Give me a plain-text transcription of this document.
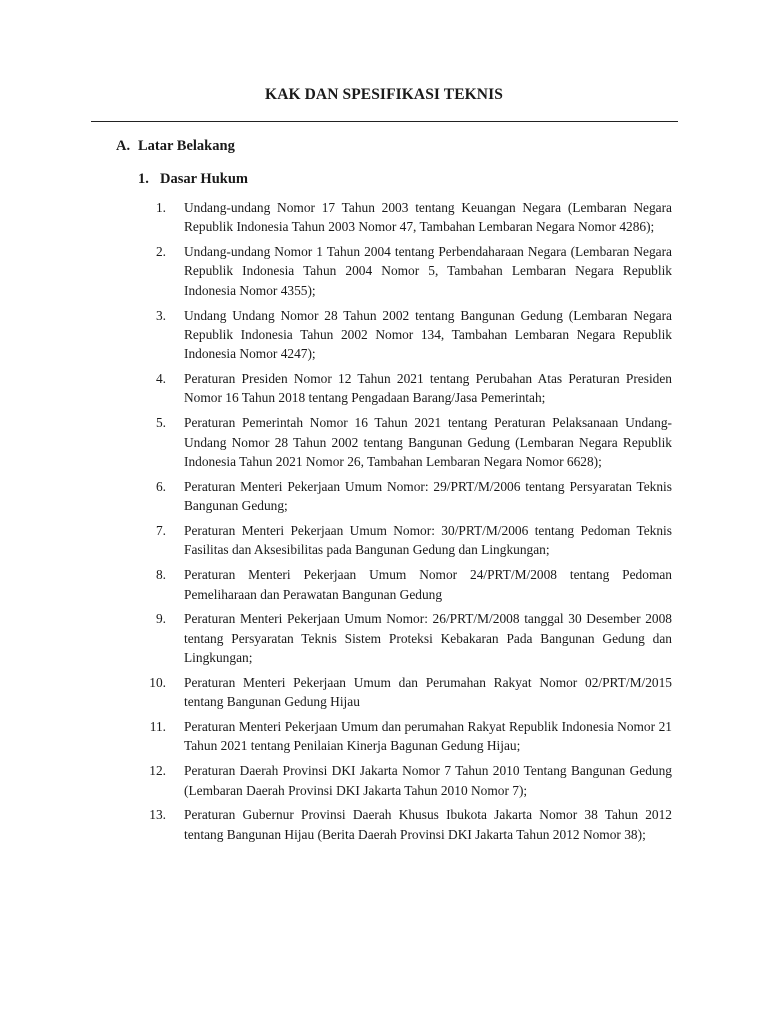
KAK DAN SPESIFIKASI TEKNIS
A. Latar Belakang
1. Dasar Hukum
1.	Undang-undang Nomor 17 Tahun 2003 tentang Keuangan Negara (Lembaran Negara Republik Indonesia Tahun 2003 Nomor 47, Tambahan Lembaran Negara Nomor 4286);
2.	Undang-undang Nomor 1 Tahun 2004 tentang Perbendaharaan Negara (Lembaran Negara Republik Indonesia Tahun 2004 Nomor 5, Tambahan Lembaran Negara Republik Indonesia Nomor 4355);
3.	Undang Undang Nomor 28 Tahun 2002 tentang Bangunan Gedung (Lembaran Negara Republik Indonesia Tahun 2002 Nomor 134, Tambahan Lembaran Negara Republik Indonesia Nomor 4247);
4.	Peraturan Presiden Nomor 12 Tahun 2021 tentang Perubahan Atas Peraturan Presiden Nomor 16 Tahun 2018 tentang Pengadaan Barang/Jasa Pemerintah;
5.	Peraturan Pemerintah Nomor 16 Tahun 2021 tentang Peraturan Pelaksanaan Undang-Undang Nomor 28 Tahun 2002 tentang Bangunan Gedung (Lembaran Negara Republik Indonesia Tahun 2021 Nomor 26, Tambahan Lembaran Negara Nomor 6628);
6.	Peraturan Menteri Pekerjaan Umum Nomor: 29/PRT/M/2006 tentang Persyaratan Teknis Bangunan Gedung;
7.	Peraturan Menteri Pekerjaan Umum Nomor: 30/PRT/M/2006 tentang Pedoman Teknis Fasilitas dan Aksesibilitas pada Bangunan Gedung dan Lingkungan;
8.	Peraturan Menteri Pekerjaan Umum Nomor 24/PRT/M/2008 tentang Pedoman Pemeliharaan dan Perawatan Bangunan Gedung
9.	Peraturan Menteri Pekerjaan Umum Nomor: 26/PRT/M/2008 tanggal 30 Desember 2008 tentang Persyaratan Teknis Sistem Proteksi Kebakaran Pada Bangunan Gedung dan Lingkungan;
10.	Peraturan Menteri Pekerjaan Umum dan Perumahan Rakyat Nomor 02/PRT/M/2015 tentang Bangunan Gedung Hijau
11.	Peraturan Menteri Pekerjaan Umum dan perumahan Rakyat Republik Indonesia Nomor 21 Tahun 2021 tentang Penilaian Kinerja Bagunan Gedung Hijau;
12.	Peraturan Daerah Provinsi DKI Jakarta Nomor 7 Tahun 2010 Tentang Bangunan Gedung (Lembaran Daerah Provinsi DKI Jakarta Tahun 2010 Nomor 7);
13.	Peraturan Gubernur Provinsi Daerah Khusus Ibukota Jakarta Nomor 38 Tahun 2012 tentang Bangunan Hijau (Berita Daerah Provinsi DKI Jakarta Tahun 2012 Nomor 38);
